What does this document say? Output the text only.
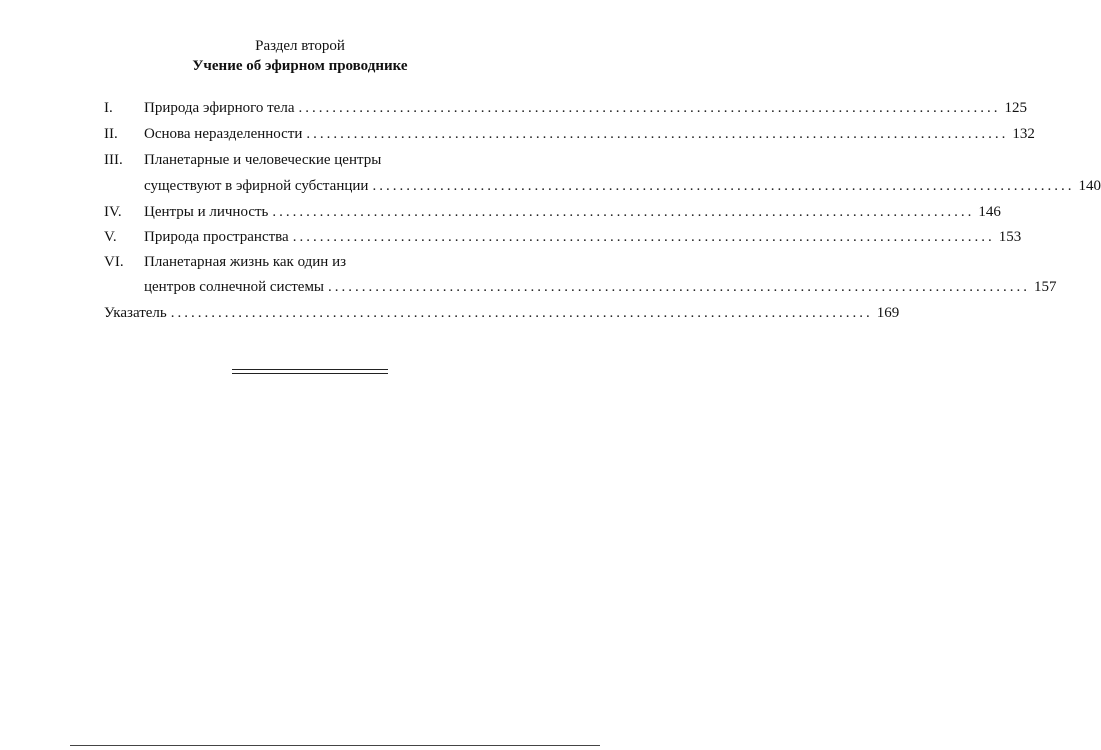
Раздел второй
Учение об эфирном проводнике
I. Природа эфирного тела ........................................................................................................ 125
II. Основа неразделенности ........................................................................................................ 132
III. Планетарные и человеческие центры
существуют в эфирной субстанции ........................................................................................................ 140
IV. Центры и личность ........................................................................................................ 146
V. Природа пространства ........................................................................................................ 153
VI. Планетарная жизнь как один из
центров солнечной системы ........................................................................................................ 157
Указатель ........................................................................................................ 169
